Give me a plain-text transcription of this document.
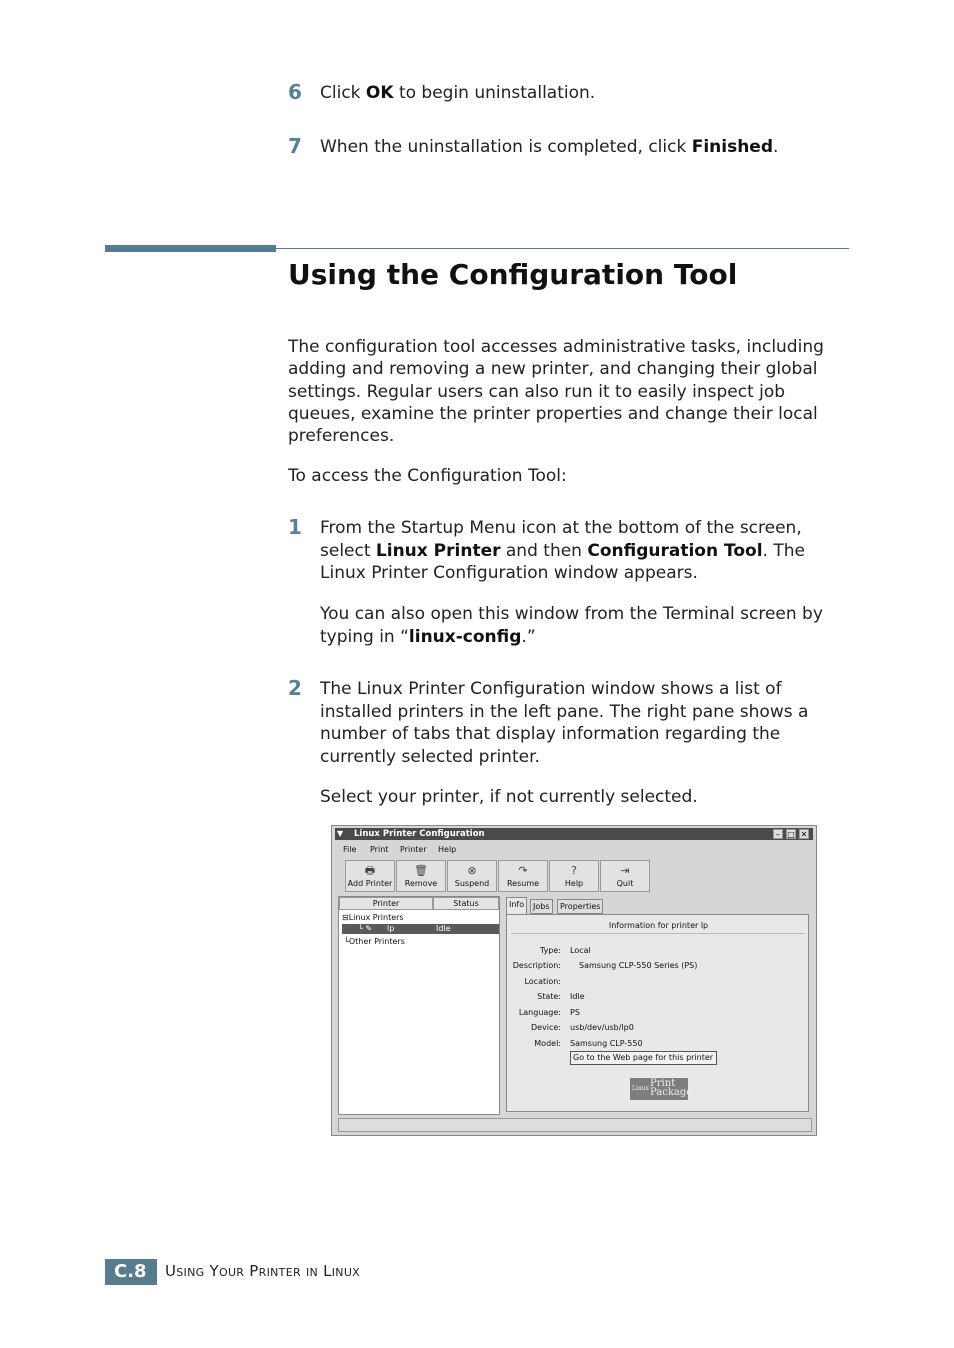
6 Click OK to begin uninstallation.
7 When the uninstallation is completed, click Finished.
Using the Configuration Tool
The configuration tool accesses administrative tasks, including adding and removing a new printer, and changing their global settings. Regular users can also run it to easily inspect job queues, examine the printer properties and change their local preferences.
To access the Configuration Tool:
1 From the Startup Menu icon at the bottom of the screen, select Linux Printer and then Configuration Tool. The Linux Printer Configuration window appears.
You can also open this window from the Terminal screen by typing in “linux-config.”
2 The Linux Printer Configuration window shows a list of installed printers in the left pane. The right pane shows a number of tabs that display information regarding the currently selected printer.
Select your printer, if not currently selected.
▼	Linux Printer Configuration	– □ ✕
File Print Printer Help
🖶
Add Printer
🗑
Remove
⊗
Suspend
↷
Resume
?
Help
⇥
Quit
Printer	Status
⊟Linux Printers
└ ✎ lp	Idle
└Other Printers
Info	Jobs	Properties
Information for printer lp
Type: Local
Description: Samsung CLP-550 Series (PS)
Location:
State: Idle
Language: PS
Device: usb/dev/usb/lp0
Model: Samsung CLP-550
Go to the Web page for this printer
Linux Print
Package
C.8	Using Your Printer in Linux
